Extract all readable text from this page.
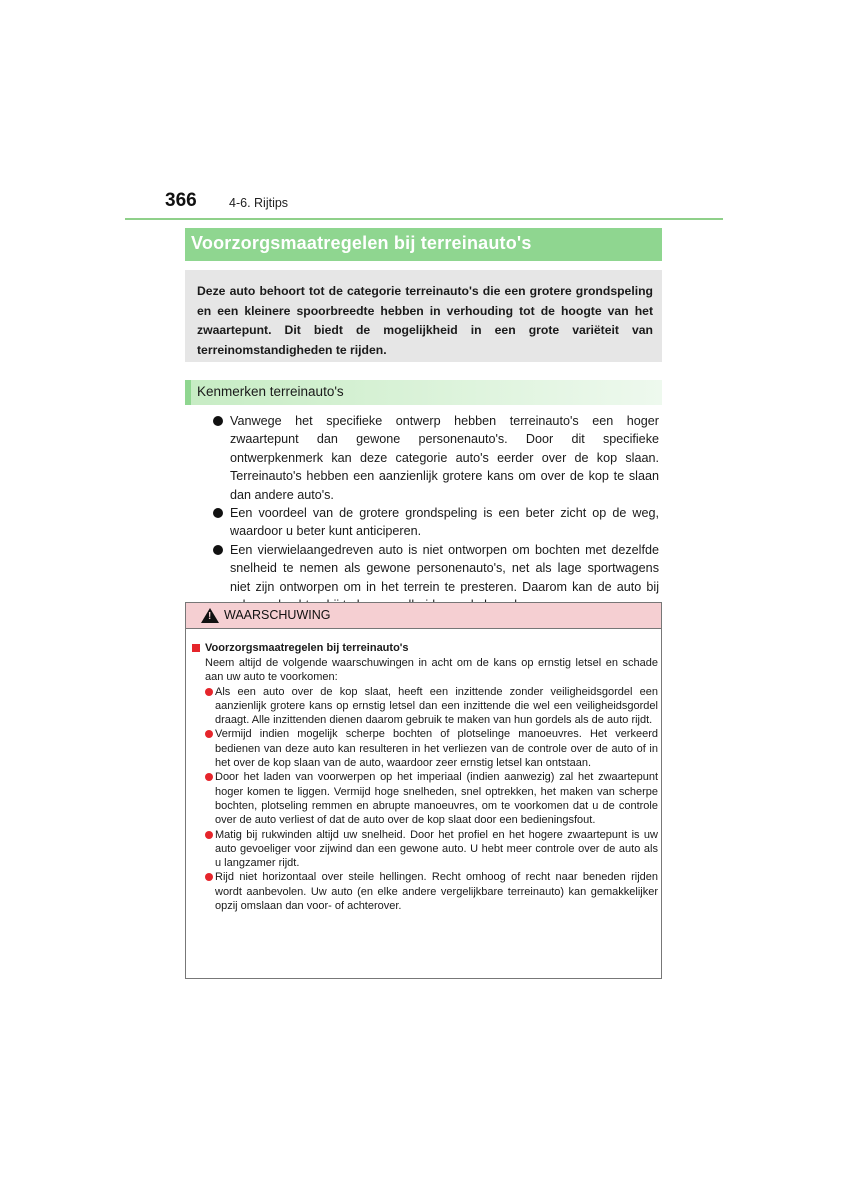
366	4-6. Rijtips
Voorzorgsmaatregelen bij terreinauto's

Deze auto behoort tot de categorie terreinauto's die een grotere grondspeling en een kleinere spoorbreedte hebben in verhouding tot de hoogte van het zwaartepunt. Dit biedt de mogelijkheid in een grote variëteit van terreinomstandigheden te rijden.

Kenmerken terreinauto's
Vanwege het specifieke ontwerp hebben terreinauto's een hoger zwaartepunt dan gewone personenauto's. Door dit specifieke ontwerpkenmerk kan deze categorie auto's eerder over de kop slaan. Terreinauto's hebben een aanzienlijk grotere kans om over de kop te slaan dan andere auto's.
Een voordeel van de grotere grondspeling is een beter zicht op de weg, waardoor u beter kunt anticiperen.
Een vierwielaangedreven auto is niet ontworpen om bochten met dezelfde snelheid te nemen als gewone personenauto's, net als lage sportwagens niet zijn ontworpen om in het terrein te presteren. Daarom kan de auto bij
! WAARSCHUWING
Voorzorgsmaatregelen bij terreinauto's

Neem altijd de volgende waarschuwingen in acht om de kans op ernstig letsel en schade aan uw auto te voorkomen:

Als een auto over de kop slaat, heeft een inzittende zonder veiligheidsgordel een aanzienlijk grotere kans op ernstig letsel dan een inzittende die wel een veiligheidsgordel draagt. Alle inzittenden dienen daarom gebruik te maken van hun gordels als de auto rijdt.
Vermijd indien mogelijk scherpe bochten of plotselinge manoeuvres. Het verkeerd bedienen van deze auto kan resulteren in het verliezen van de controle over de auto of in het over de kop slaan van de auto, waardoor zeer ernstig letsel kan ontstaan.
Door het laden van voorwerpen op het imperiaal (indien aanwezig) zal het zwaartepunt hoger komen te liggen. Vermijd hoge snelheden, snel optrekken, het maken van scherpe bochten, plotseling remmen en abrupte manoeuvres, om te voorkomen dat u de controle over de auto verliest of dat de auto over de kop slaat door een bedieningsfout.
Matig bij rukwinden altijd uw snelheid. Door het profiel en het hogere zwaartepunt is uw auto gevoeliger voor zijwind dan een gewone auto. U hebt meer controle over de auto als u langzamer rijdt.
Rijd niet horizontaal over steile hellingen. Recht omhoog of recht naar beneden rijden wordt aanbevolen. Uw auto (en elke andere vergelijkbare terreinauto) kan gemakkelijker opzij omslaan dan voor- of achterover.
